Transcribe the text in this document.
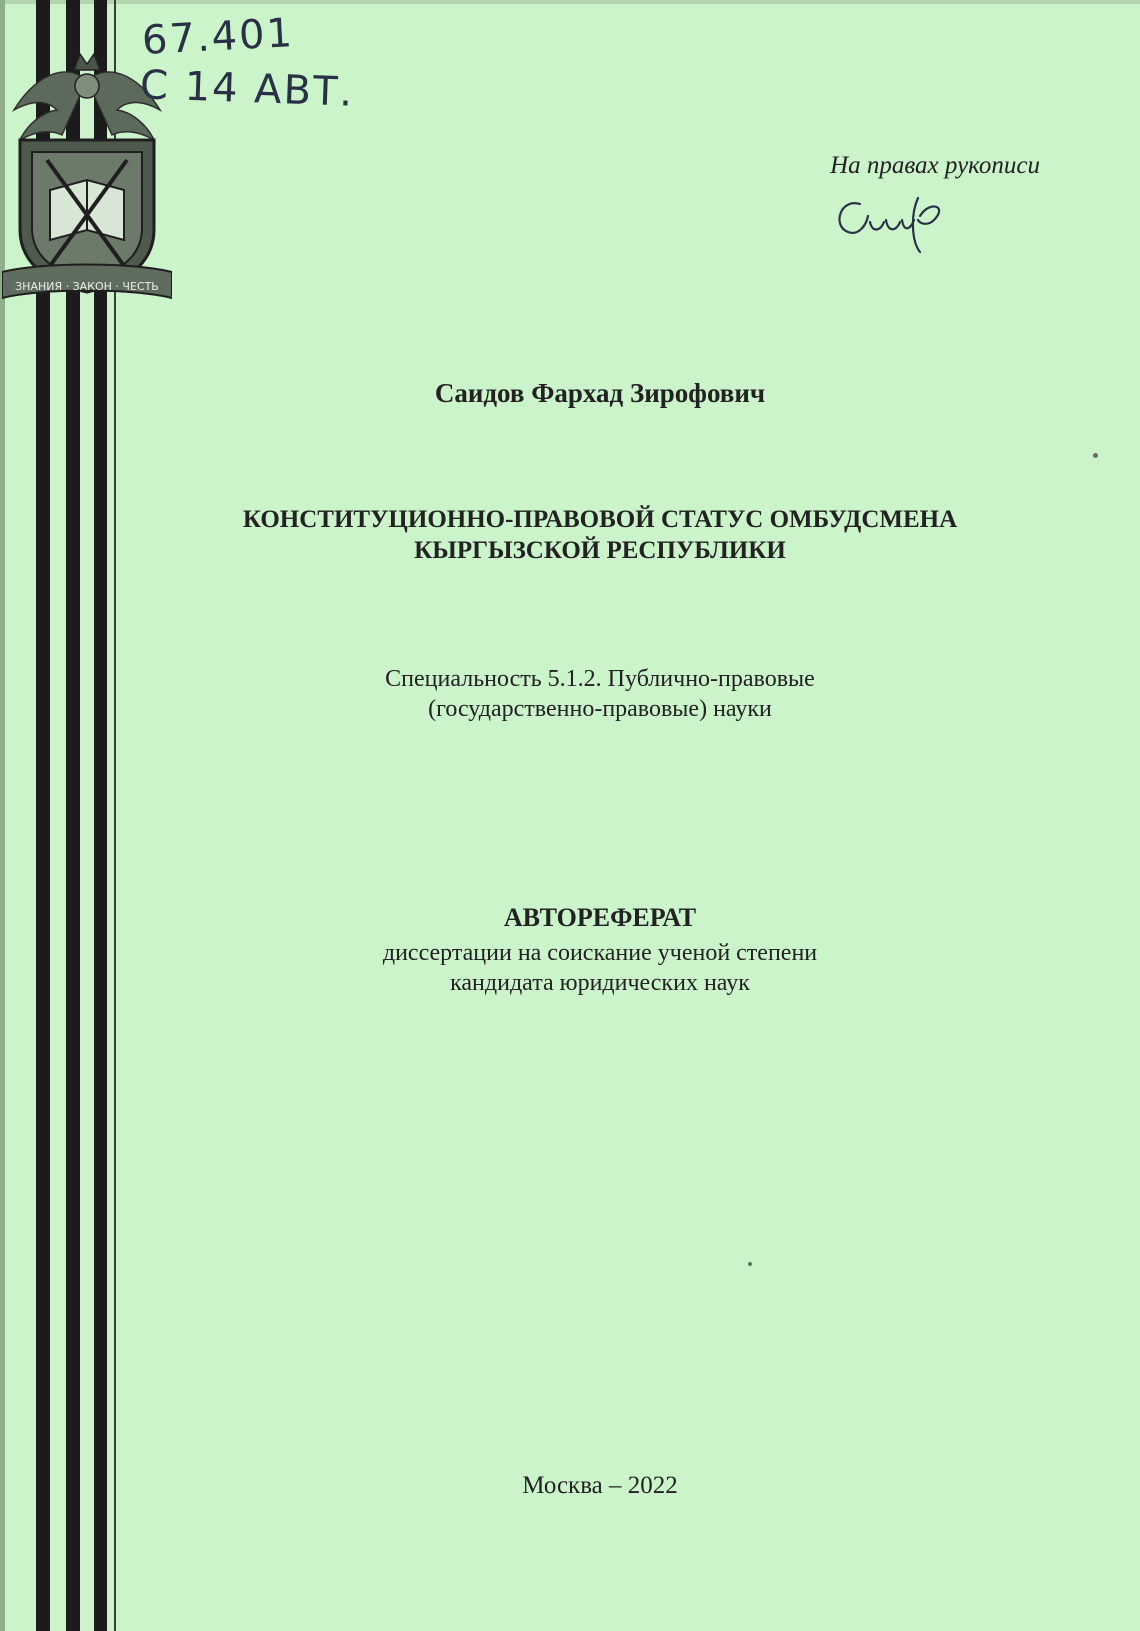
ЗНАНИЯ · ЗАКОН · ЧЕСТЬ
67.401
C 14 АВТ.
На правах рукописи
Саидов Фархад Зирофович
КОНСТИТУЦИОННО-ПРАВОВОЙ СТАТУС ОМБУДСМЕНА
КЫРГЫЗСКОЙ РЕСПУБЛИКИ
Специальность 5.1.2. Публично-правовые
(государственно-правовые) науки
АВТОРЕФЕРАТ
диссертации на соискание ученой степени
кандидата юридических наук
Москва – 2022
